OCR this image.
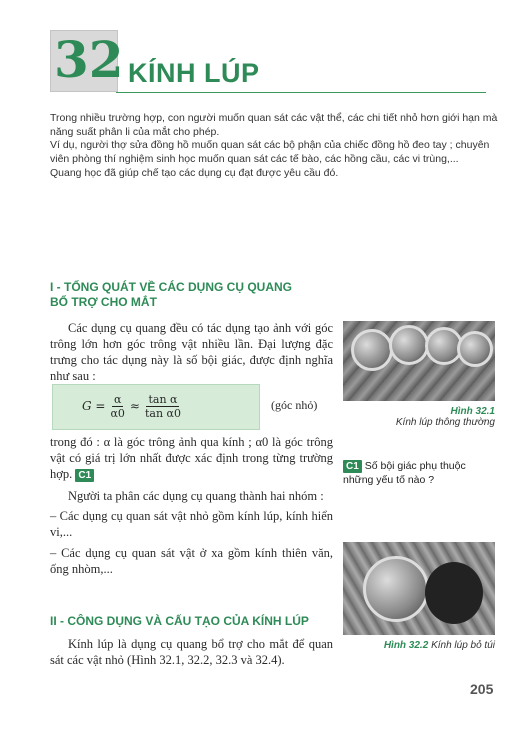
32 KÍNH LÚP
Trong nhiều trường hợp, con người muốn quan sát các vật thể, các chi tiết nhỏ hơn giới hạn mà năng suất phân li của mắt cho phép.
Ví dụ, người thợ sửa đồng hồ muốn quan sát các bộ phận của chiếc đồng hồ đeo tay ; chuyên viên phòng thí nghiệm sinh học muốn quan sát các tế bào, các hồng cầu, các vi trùng,...
Quang học đã giúp chế tạo các dụng cụ đạt được yêu cầu đó.
I - TỔNG QUÁT VỀ CÁC DỤNG CỤ QUANG
BỔ TRỢ CHO MẮT
Các dụng cụ quang đều có tác dụng tạo ảnh với góc trông lớn hơn góc trông vật nhiều lần. Đại lượng đặc trưng cho tác dụng này là số bội giác, được định nghĩa như sau :
$G = \frac{\alpha}{\alpha 0} \approx \frac{\text{tan α}}{\text{tan α0}}$	(góc nhỏ)
trong đó : α là góc trông ảnh qua kính ; α0 là góc trông vật có giá trị lớn nhất được xác định trong từng trường hợp. C1
Người ta phân các dụng cụ quang thành hai nhóm :
– Các dụng cụ quan sát vật nhỏ gồm kính lúp, kính hiển vi,...
– Các dụng cụ quan sát vật ở xa gồm kính thiên văn, ống nhòm,...
II - CÔNG DỤNG VÀ CẤU TẠO CỦA KÍNH LÚP
Kính lúp là dụng cụ quang bổ trợ cho mắt để quan sát các vật nhỏ (Hình 32.1, 32.2, 32.3 và 32.4).
Hình 32.1
Kính lúp thông thường
C1 Số bội giác phụ thuộc những yếu tố nào ?
Hình 32.2 Kính lúp bỏ túi
205
